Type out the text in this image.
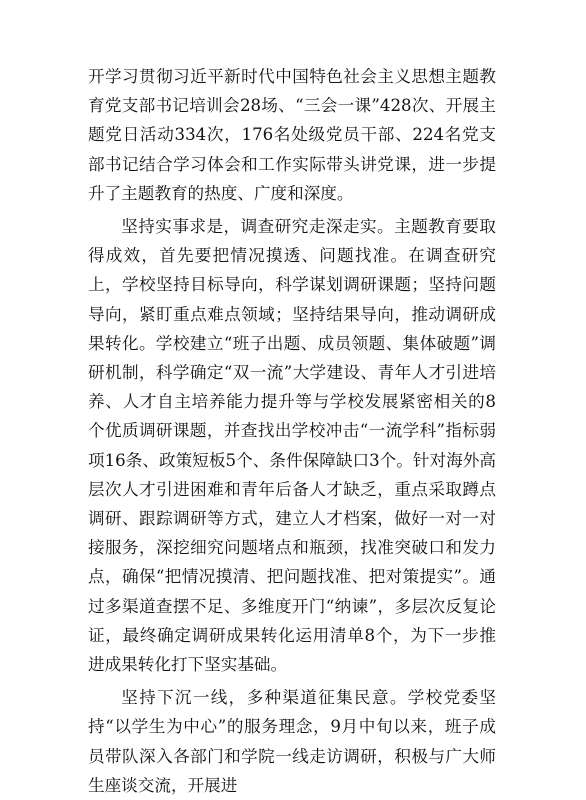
开学习贯彻习近平新时代中国特色社会主义思想主题教育党支部书记培训会28场、“三会一课”428次、开展主题党日活动334次，176名处级党员干部、224名党支部书记结合学习体会和工作实际带头讲党课，进一步提升了主题教育的热度、广度和深度。

坚持实事求是，调查研究走深走实。主题教育要取得成效，首先要把情况摸透、问题找准。在调查研究上，学校坚持目标导向，科学谋划调研课题；坚持问题导向，紧盯重点难点领域；坚持结果导向，推动调研成果转化。学校建立“班子出题、成员领题、集体破题”调研机制，科学确定“双一流”大学建设、青年人才引进培养、人才自主培养能力提升等与学校发展紧密相关的8个优质调研课题，并查找出学校冲击“一流学科”指标弱项16条、政策短板5个、条件保障缺口3个。针对海外高层次人才引进困难和青年后备人才缺乏，重点采取蹲点调研、跟踪调研等方式，建立人才档案，做好一对一对接服务，深挖细究问题堵点和瓶颈，找准突破口和发力点，确保“把情况摸清、把问题找准、把对策提实”。通过多渠道查摆不足、多维度开门“纳谏”，多层次反复论证，最终确定调研成果转化运用清单8个，为下一步推进成果转化打下坚实基础。

坚持下沉一线，多种渠道征集民意。学校党委坚持“以学生为中心”的服务理念，9月中旬以来，班子成员带队深入各部门和学院一线走访调研，积极与广大师生座谈交流，开展进
